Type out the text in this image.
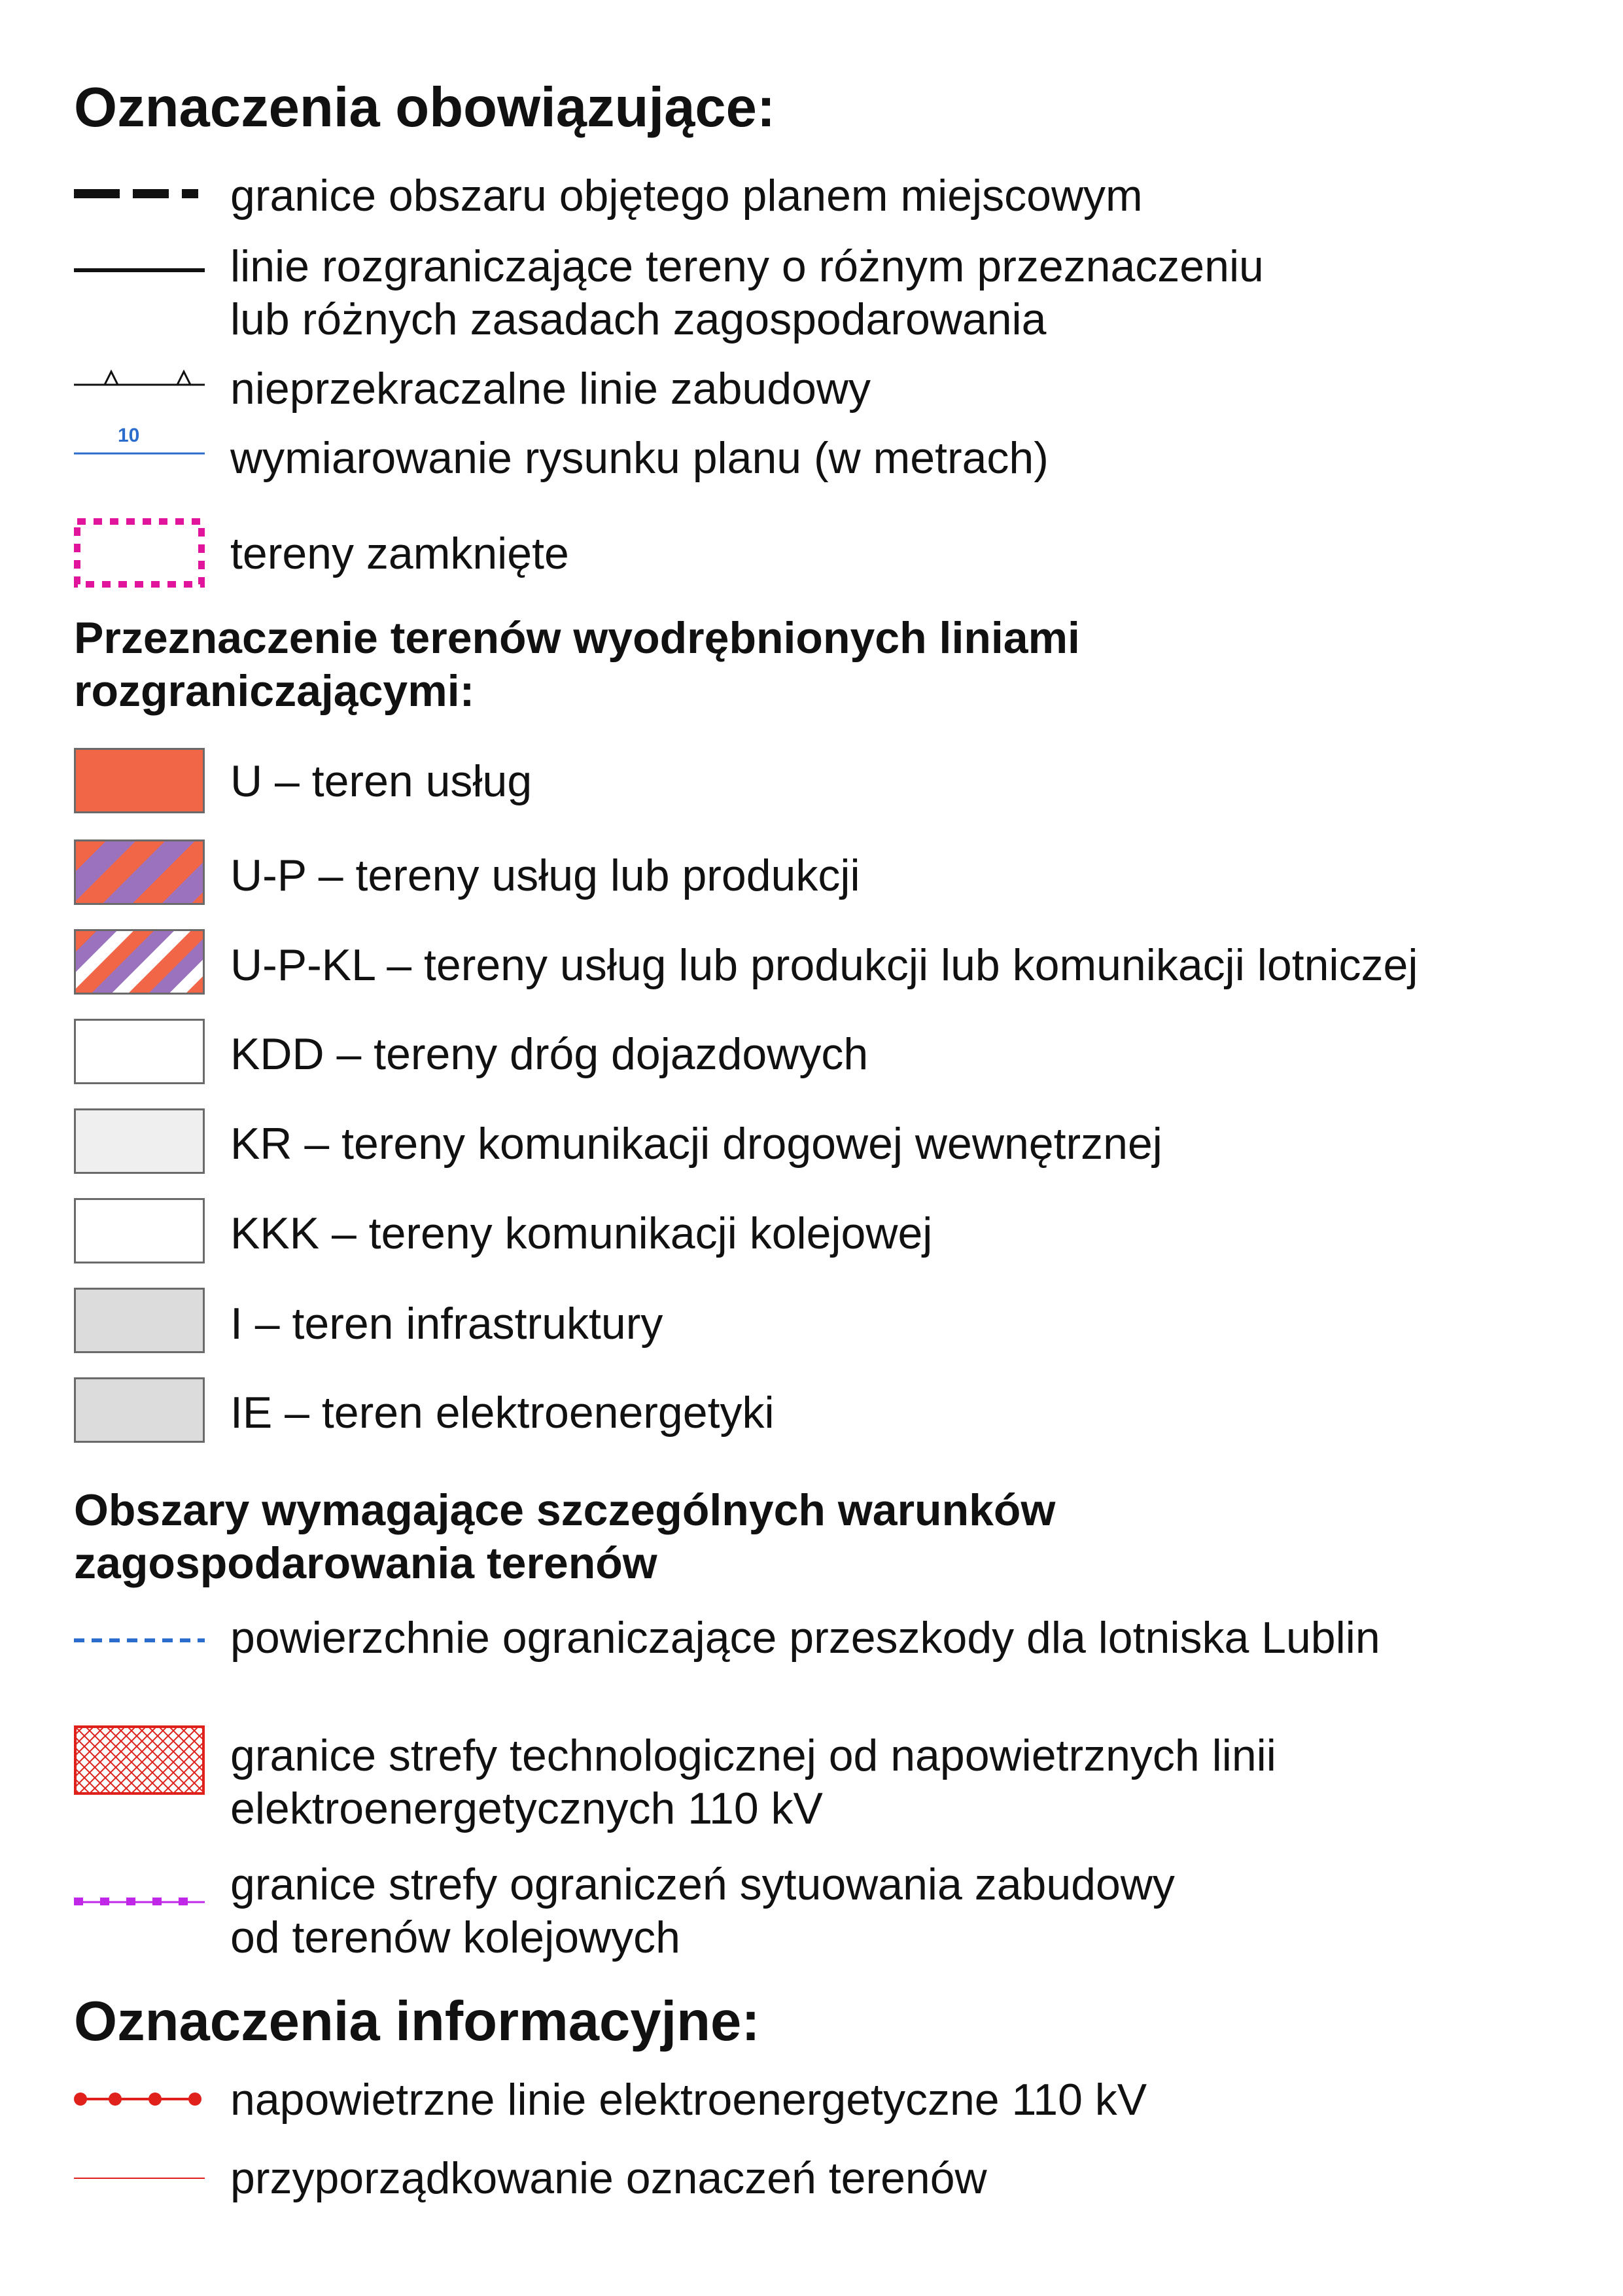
Oznaczenia obowiązujące:
granice obszaru objętego planem miejscowym
linie rozgraniczające tereny o różnym przeznaczeniu
lub różnych zasadach zagospodarowania
nieprzekraczalne linie zabudowy
10 wymiarowanie rysunku planu (w metrach)
tereny zamknięte
Przeznaczenie terenów wyodrębnionych liniami
rozgraniczającymi:
U – teren usług
U-P – tereny usług lub produkcji
U-P-KL – tereny usług lub produkcji lub komunikacji lotniczej
KDD – tereny dróg dojazdowych
KR – tereny komunikacji drogowej wewnętrznej
KKK – tereny komunikacji kolejowej
I – teren infrastruktury
IE – teren elektroenergetyki
Obszary wymagające szczególnych warunków
zagospodarowania terenów
powierzchnie ograniczające przeszkody dla lotniska Lublin
granice strefy technologicznej od napowietrznych linii
elektroenergetycznych 110 kV
granice strefy ograniczeń sytuowania zabudowy
od terenów kolejowych
Oznaczenia informacyjne:
napowietrzne linie elektroenergetyczne 110 kV
przyporządkowanie oznaczeń terenów
